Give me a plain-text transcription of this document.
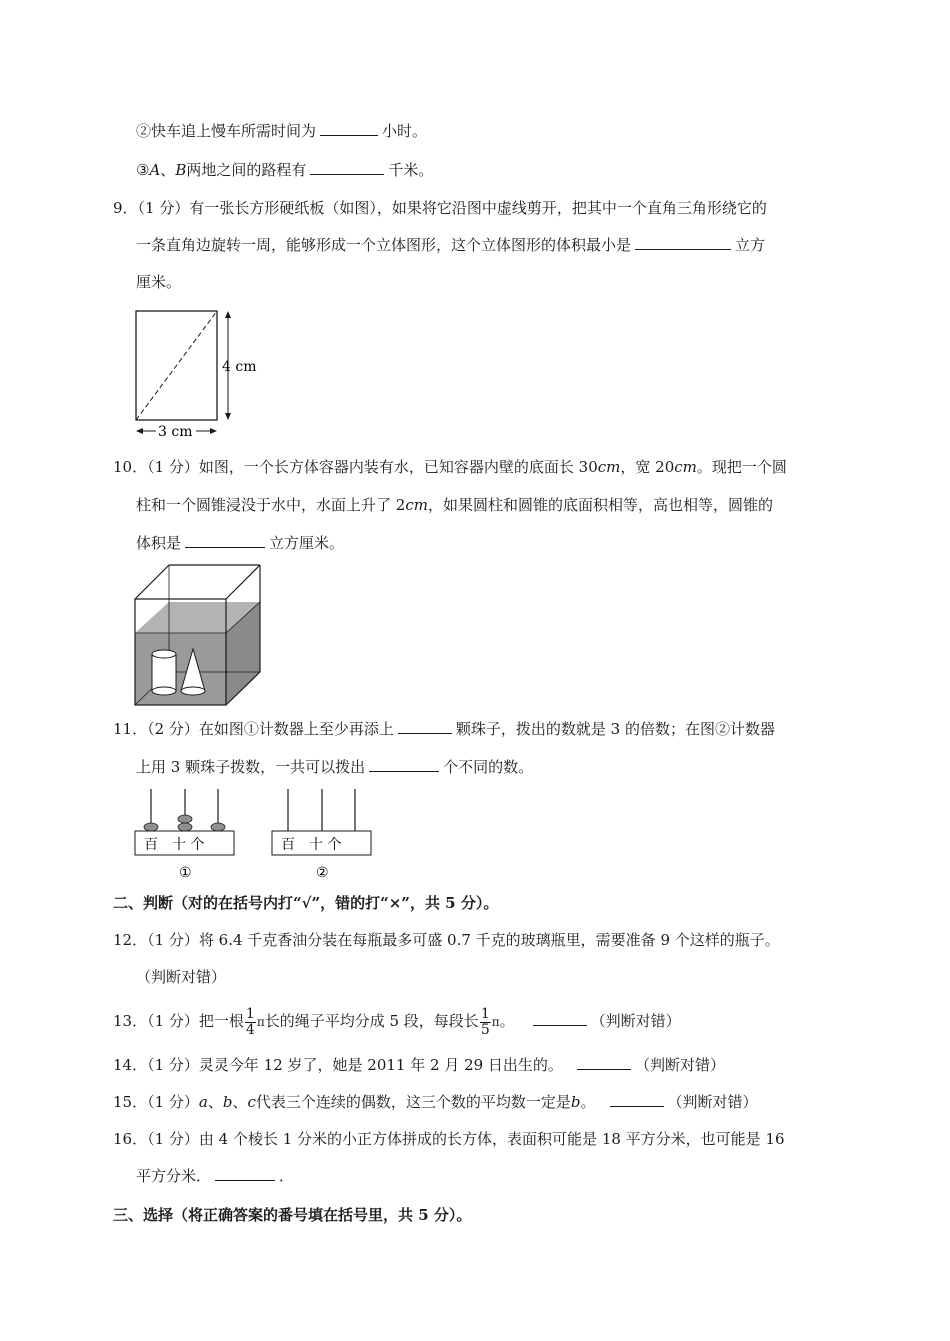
②快车追上慢车所需时间为	小时。
③A、B两地之间的路程有	千米。
9．（1 分）有一张长方形硬纸板（如图），如果将它沿图中虚线剪开，把其中一个直角三角形绕它的
一条直角边旋转一周，能够形成一个立体图形，这个立体图形的体积最小是	立方
厘米。
4 cm
3 cm
10．（1 分）如图，一个长方体容器内装有水，已知容器内壁的底面长 30cm，宽 20cm。现把一个圆
柱和一个圆锥浸没于水中，水面上升了 2cm，如果圆柱和圆锥的底面积相等，高也相等，圆锥的
体积是	立方厘米。
11．（2 分）在如图①计数器上至少再添上	颗珠子，拨出的数就是 3 的倍数；在图②计数器
上用 3 颗珠子拨数，一共可以拨出	个不同的数。
百　十 个
①
百　十 个
②
二、判断（对的在括号内打“√”，错的打“×”，共 5 分）。
12．（1 分）将 6.4 千克香油分装在每瓶最多可盛 0.7 千克的玻璃瓶里，需要准备 9 个这样的瓶子。
（判断对错）
13．（1 分）把一根 $\frac{1}{4}$ π长的绳子平均分成 5 段，每段长 $\frac{1}{5}$ π。	（判断对错）
14．（1 分）灵灵今年 12 岁了，她是 2011 年 2 月 29 日出生的。	（判断对错）
15．（1 分）a、b、c代表三个连续的偶数，这三个数的平均数一定是b。	（判断对错）
16．（1 分）由 4 个棱长 1 分米的小正方体拼成的长方体，表面积可能是 18 平方分米，也可能是 16
平方分米．	．
三、选择（将正确答案的番号填在括号里，共 5 分）。
